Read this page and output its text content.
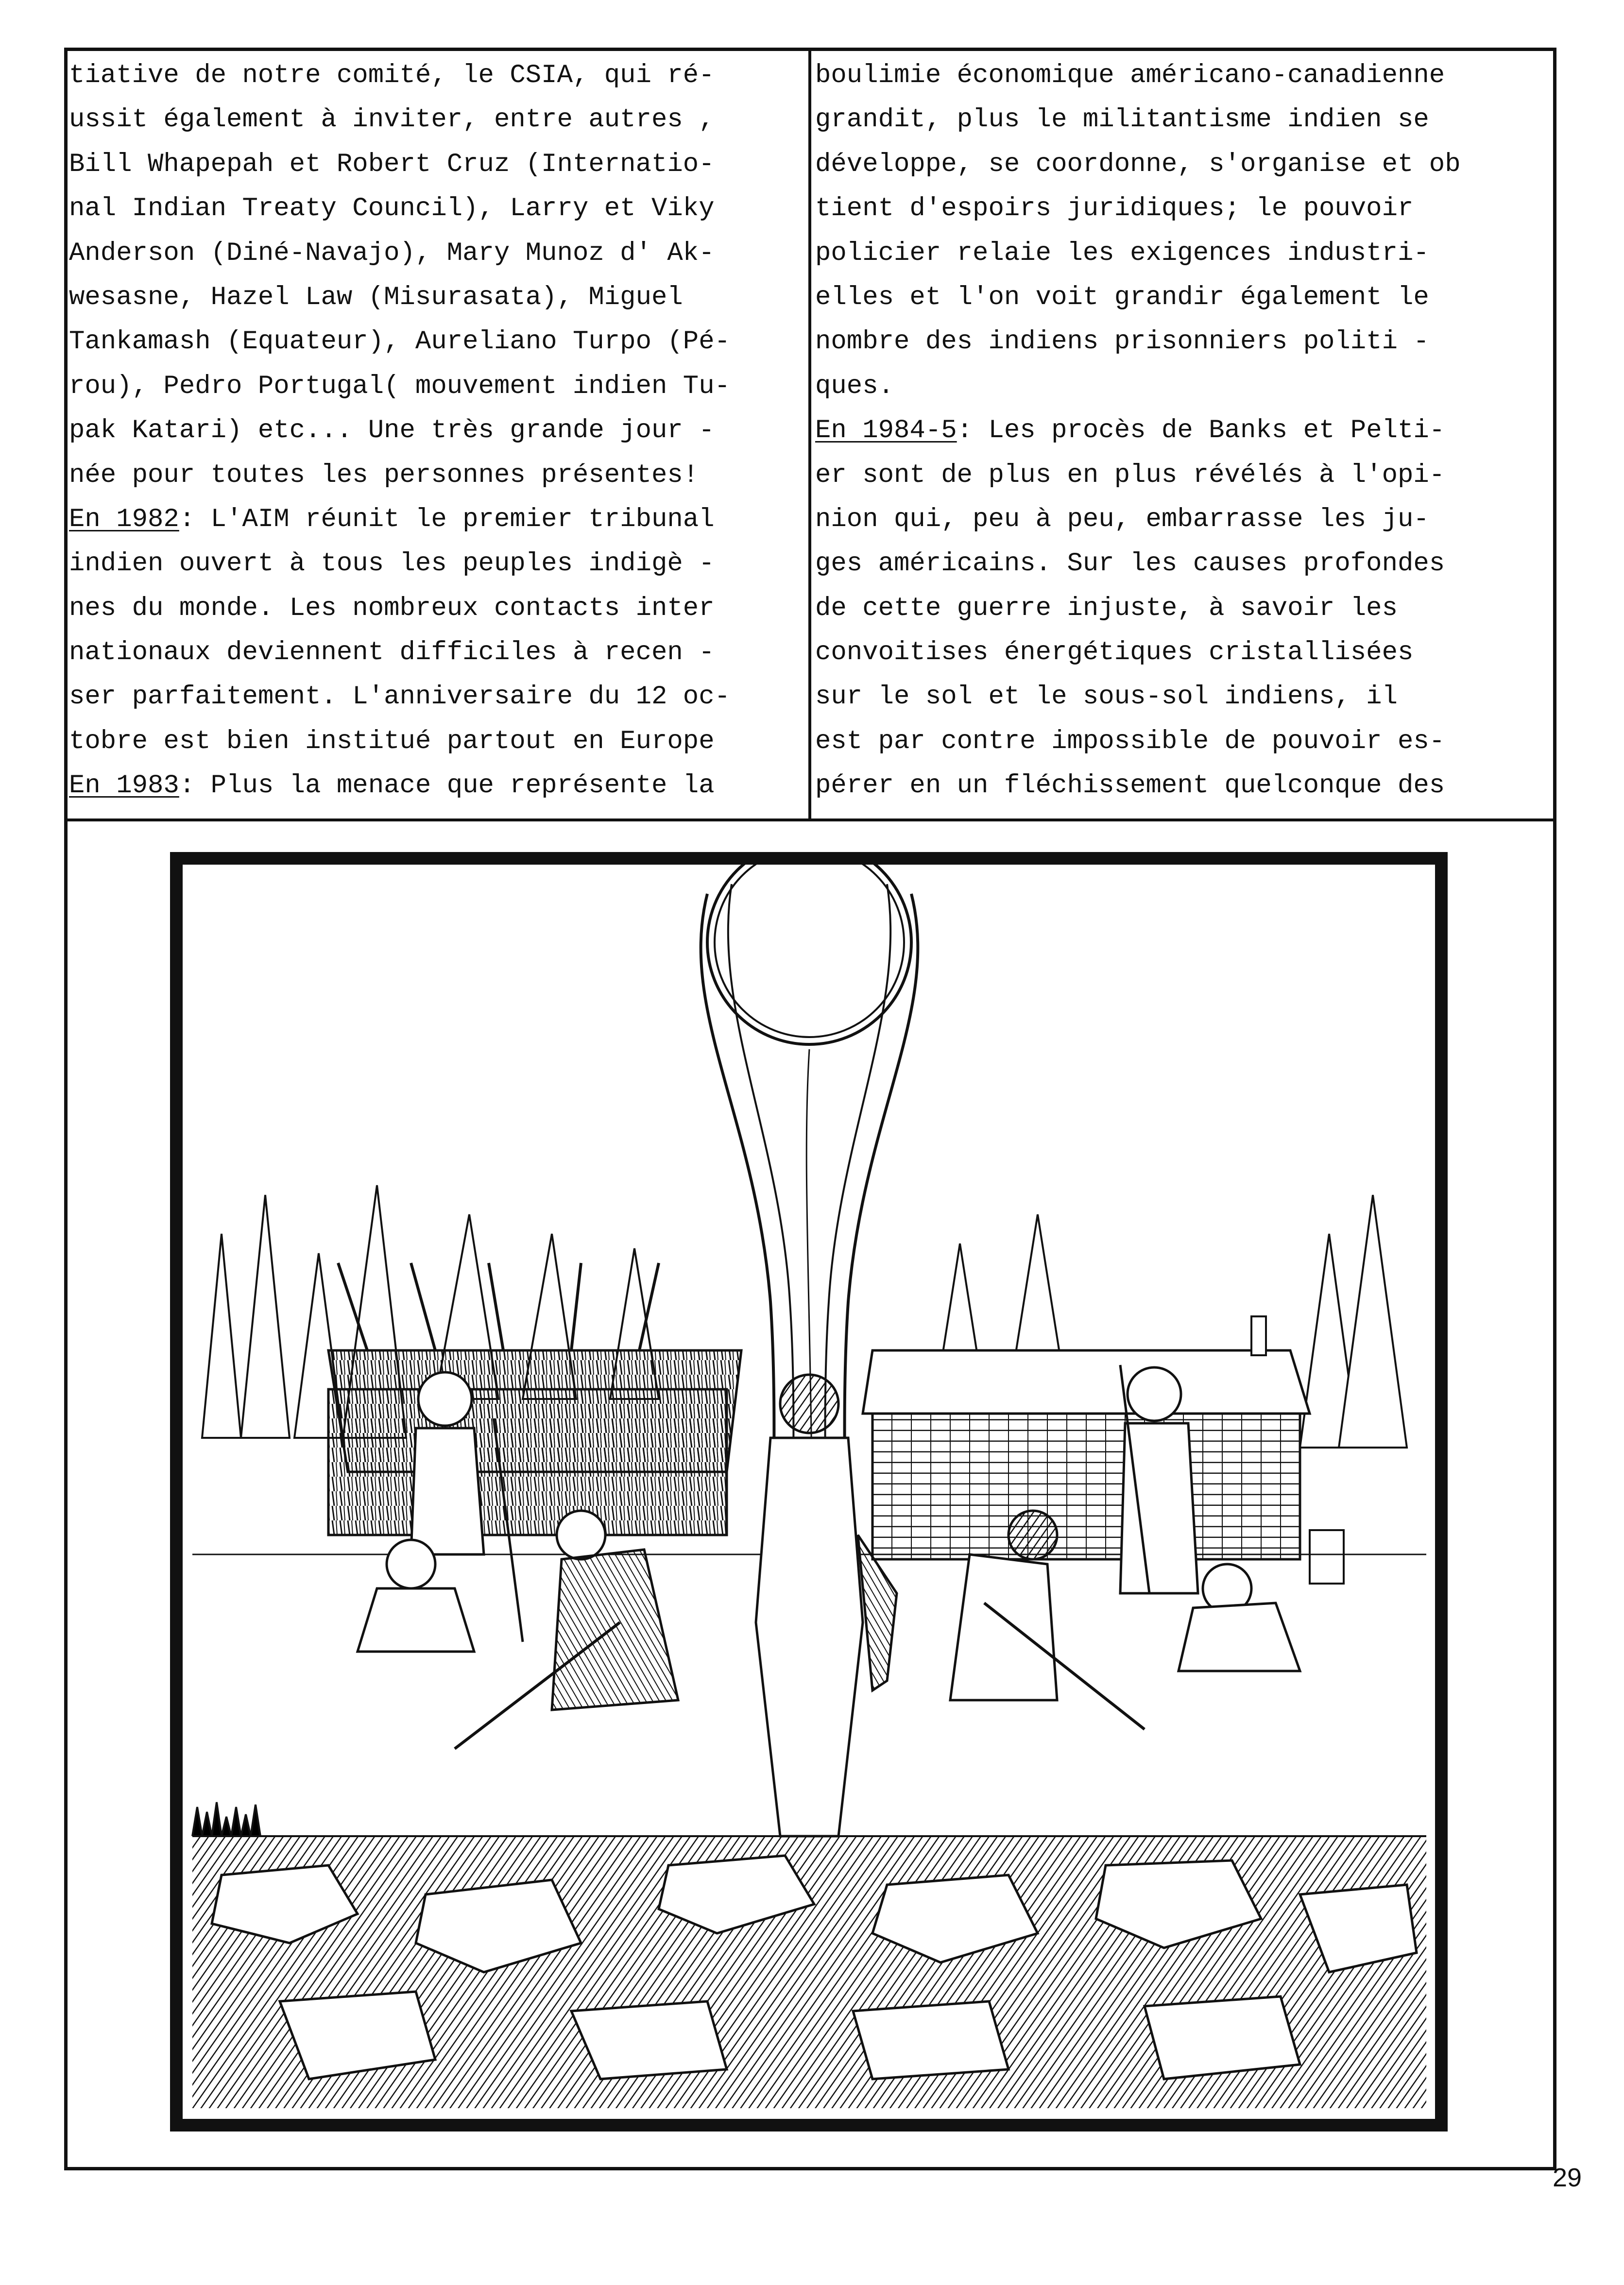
tiative de notre comité, le CSIA, qui ré-
ussit également à inviter, entre autres ,
Bill Whapepah et Robert Cruz (Internatio-
nal Indian Treaty Council), Larry et Viky
Anderson (Diné-Navajo), Mary Munoz d' Ak-
wesasne, Hazel Law (Misurasata), Miguel
Tankamash (Equateur), Aureliano Turpo (Pé-
rou), Pedro Portugal( mouvement indien Tu-
pak Katari) etc... Une très grande jour -
née pour toutes les personnes présentes!
En 1982: L'AIM réunit le premier tribunal
indien ouvert à tous les peuples indigè -
nes du monde. Les nombreux contacts inter
nationaux deviennent difficiles à recen -
ser parfaitement. L'anniversaire du 12 oc-
tobre est bien institué partout en Europe
En 1983: Plus la menace que représente la
boulimie économique américano-canadienne
grandit, plus le militantisme indien se
développe, se coordonne, s'organise et ob
tient d'espoirs juridiques; le pouvoir
policier relaie les exigences industri-
elles et l'on voit grandir également le
nombre des indiens prisonniers politi -
ques.
En 1984-5: Les procès de Banks et Pelti-
er sont de plus en plus révélés à l'opi-
nion qui, peu à peu, embarrasse les ju-
ges américains. Sur les causes profondes
de cette guerre injuste, à savoir les
convoitises énergétiques cristallisées
sur le sol et le sous-sol indiens, il
est par contre impossible de pouvoir es-
pérer en un fléchissement quelconque des
29
